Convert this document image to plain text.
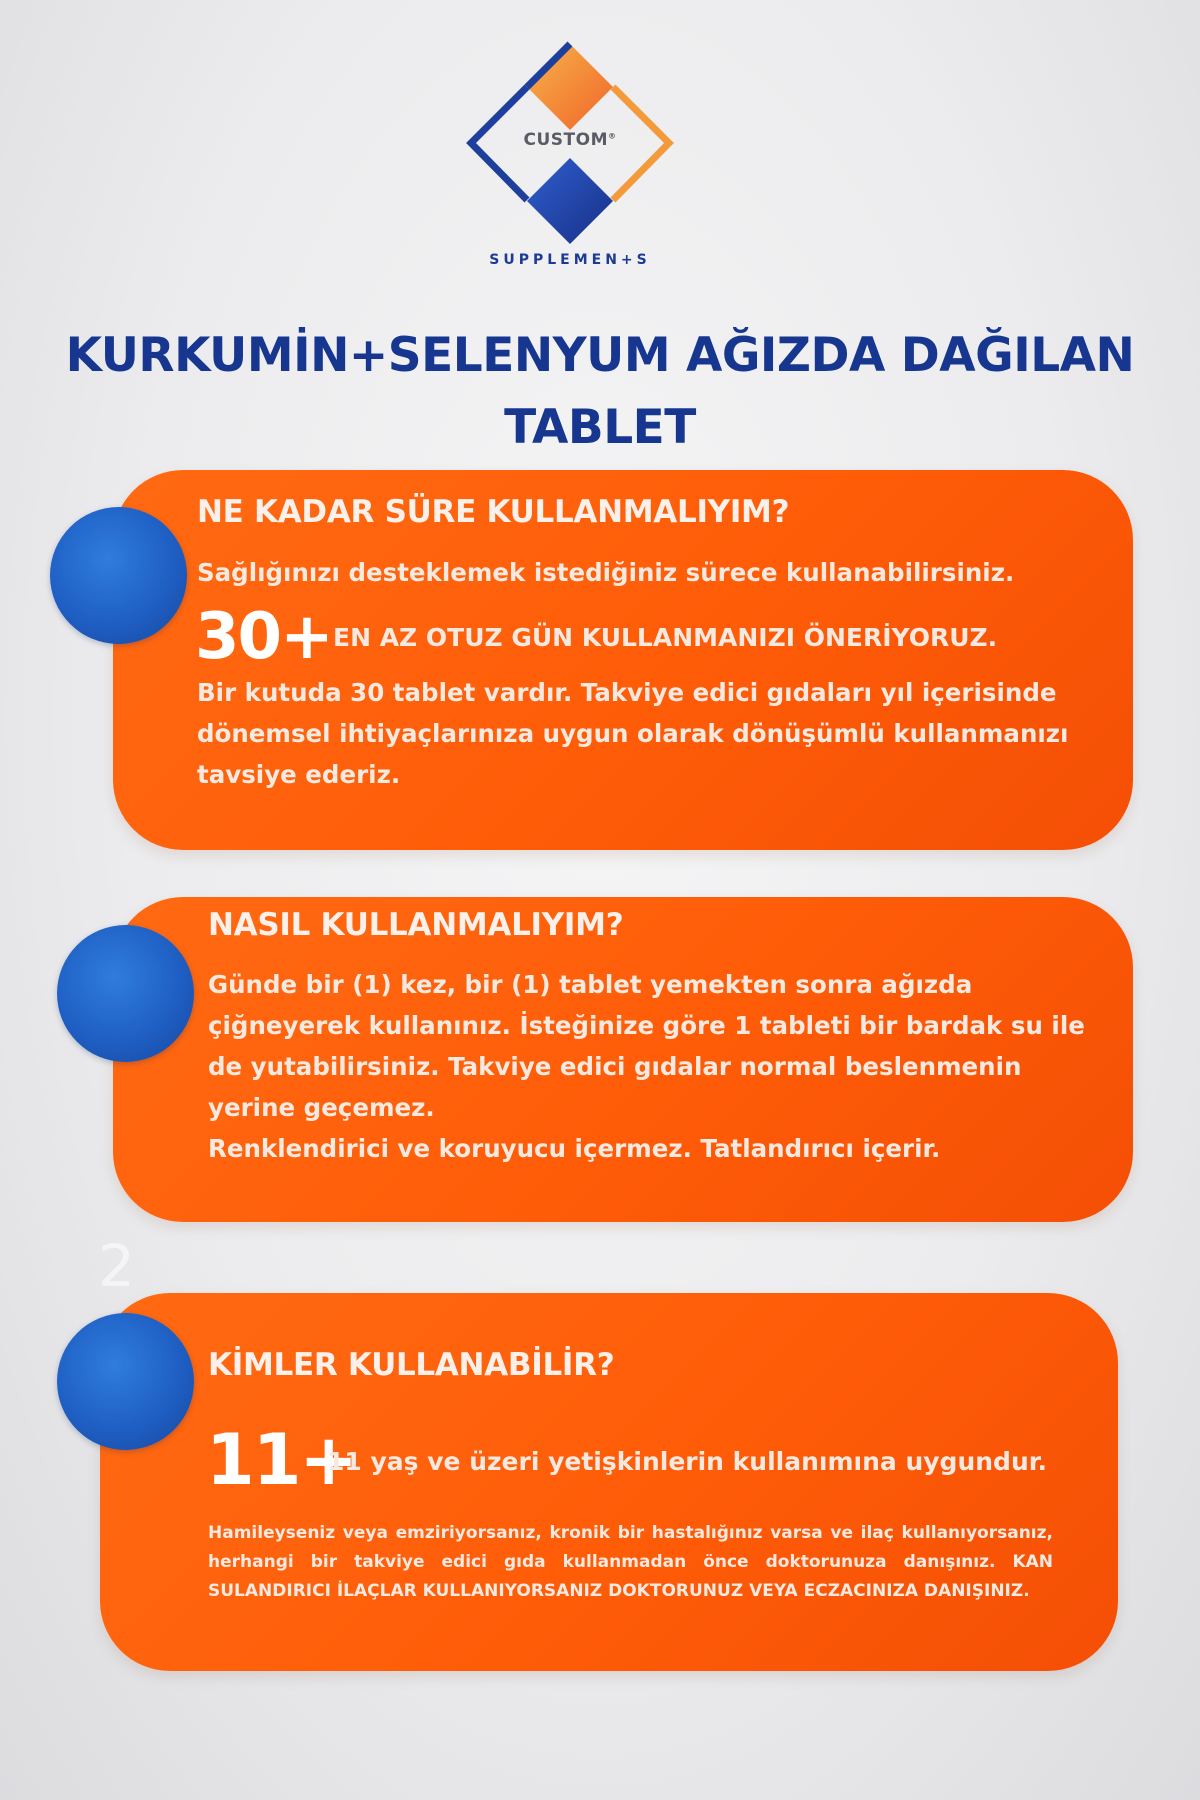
CUSTOM®
SUPPLEMEN+S
KURKUMİN+SELENYUM AĞIZDA DAĞILAN TABLET
2
NE KADAR SÜRE KULLANMALIYIM?

Sağlığınızı desteklemek istediğiniz sürece kullanabilirsiniz.

30+ EN AZ OTUZ GÜN KULLANMANIZI ÖNERİYORUZ.

Bir kutuda 30 tablet vardır. Takviye edici gıdaları yıl içerisinde dönemsel ihtiyaçlarınıza uygun olarak dönüşümlü kullanmanızı tavsiye ederiz.

NASIL KULLANMALIYIM?

Günde bir (1) kez, bir (1) tablet yemekten sonra ağızda çiğneyerek kullanınız. İsteğinize göre 1 tableti bir bardak su ile de yutabilirsiniz. Takviye edici gıdalar normal beslenmenin yerine geçemez.

Renklendirici ve koruyucu içermez. Tatlandırıcı içerir.

KİMLER KULLANABİLİR?
11+
11 yaş ve üzeri yetişkinlerin kullanımına uygundur.

Hamileyseniz veya emziriyorsanız, kronik bir hastalığınız varsa ve ilaç kullanıyorsanız, herhangi bir takviye edici gıda kullanmadan önce doktorunuza danışınız. KAN SULANDIRICI İLAÇLAR KULLANIYORSANIZ DOKTORUNUZ VEYA ECZACINIZA DANIŞINIZ.
